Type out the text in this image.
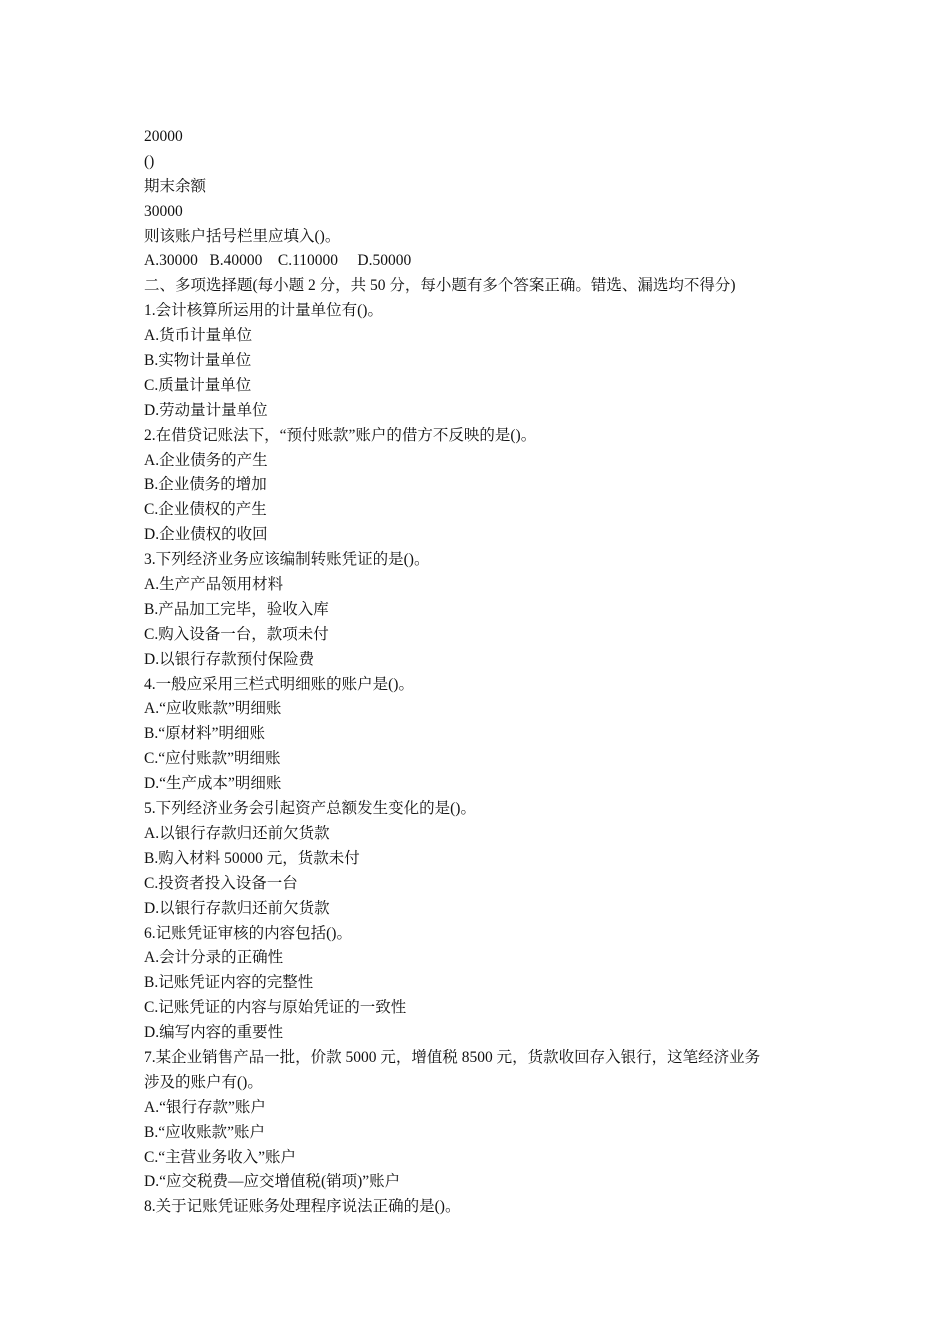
20000
()
期末余额
30000
则该账户括号栏里应填入()。
A.30000   B.40000    C.110000     D.50000
二、多项选择题(每小题 2 分，共 50 分，每小题有多个答案正确。错选、漏选均不得分)
1.会计核算所运用的计量单位有()。
A.货币计量单位
B.实物计量单位
C.质量计量单位
D.劳动量计量单位
2.在借贷记账法下，“预付账款”账户的借方不反映的是()。
A.企业债务的产生
B.企业债务的增加
C.企业债权的产生
D.企业债权的收回
3.下列经济业务应该编制转账凭证的是()。
A.生产产品领用材料
B.产品加工完毕，验收入库
C.购入设备一台，款项未付
D.以银行存款预付保险费
4.一般应采用三栏式明细账的账户是()。
A.“应收账款”明细账
B.“原材料”明细账
C.“应付账款”明细账
D.“生产成本”明细账
5.下列经济业务会引起资产总额发生变化的是()。
A.以银行存款归还前欠货款
B.购入材料 50000 元，货款未付
C.投资者投入设备一台
D.以银行存款归还前欠货款
6.记账凭证审核的内容包括()。
A.会计分录的正确性
B.记账凭证内容的完整性
C.记账凭证的内容与原始凭证的一致性
D.编写内容的重要性
7.某企业销售产品一批，价款 5000 元，增值税 8500 元，货款收回存入银行，这笔经济业务
涉及的账户有()。
A.“银行存款”账户
B.“应收账款”账户
C.“主营业务收入”账户
D.“应交税费—应交增值税(销项)”账户
8.关于记账凭证账务处理程序说法正确的是()。
